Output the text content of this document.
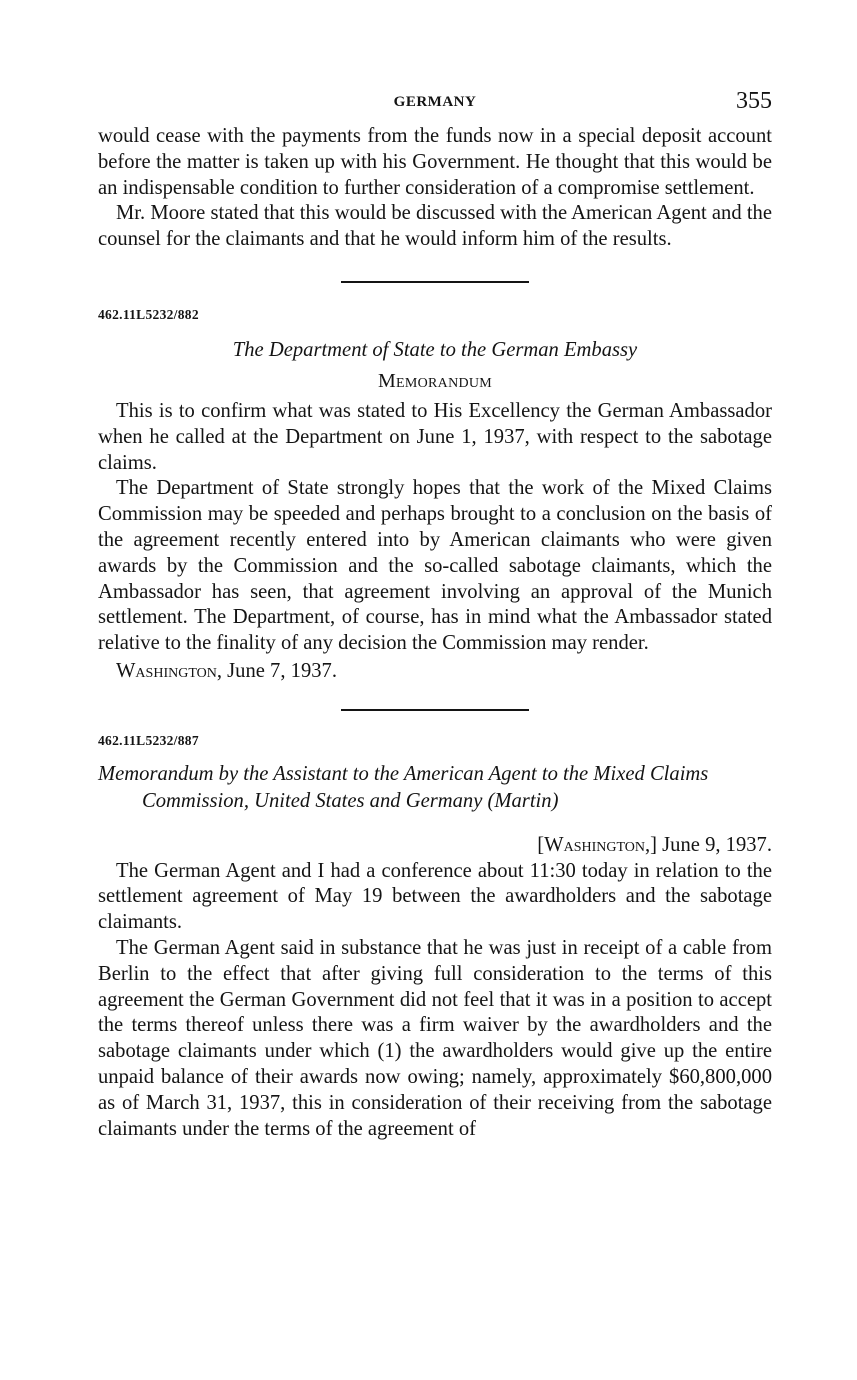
GERMANY	355

would cease with the payments from the funds now in a special deposit account before the matter is taken up with his Government. He thought that this would be an indispensable condition to further consideration of a compromise settlement.

Mr. Moore stated that this would be discussed with the American Agent and the counsel for the claimants and that he would inform him of the results.

462.11L5232/882
The Department of State to the German Embassy
Memorandum

This is to confirm what was stated to His Excellency the German Ambassador when he called at the Department on June 1, 1937, with respect to the sabotage claims.

The Department of State strongly hopes that the work of the Mixed Claims Commission may be speeded and perhaps brought to a conclusion on the basis of the agreement recently entered into by American claimants who were given awards by the Commission and the so-called sabotage claimants, which the Ambassador has seen, that agreement involving an approval of the Munich settlement. The Department, of course, has in mind what the Ambassador stated relative to the finality of any decision the Commission may render.

Washington, June 7, 1937.

462.11L5232/887
Memorandum by the Assistant to the American Agent to the Mixed Claims Commission, United States and Germany (Martin)
[Washington,] June 9, 1937.

The German Agent and I had a conference about 11:30 today in relation to the settlement agreement of May 19 between the awardholders and the sabotage claimants.

The German Agent said in substance that he was just in receipt of a cable from Berlin to the effect that after giving full consideration to the terms of this agreement the German Government did not feel that it was in a position to accept the terms thereof unless there was a firm waiver by the awardholders and the sabotage claimants under which (1) the awardholders would give up the entire unpaid balance of their awards now owing; namely, approximately $60,800,000 as of March 31, 1937, this in consideration of their receiving from the sabotage claimants under the terms of the agreement of
